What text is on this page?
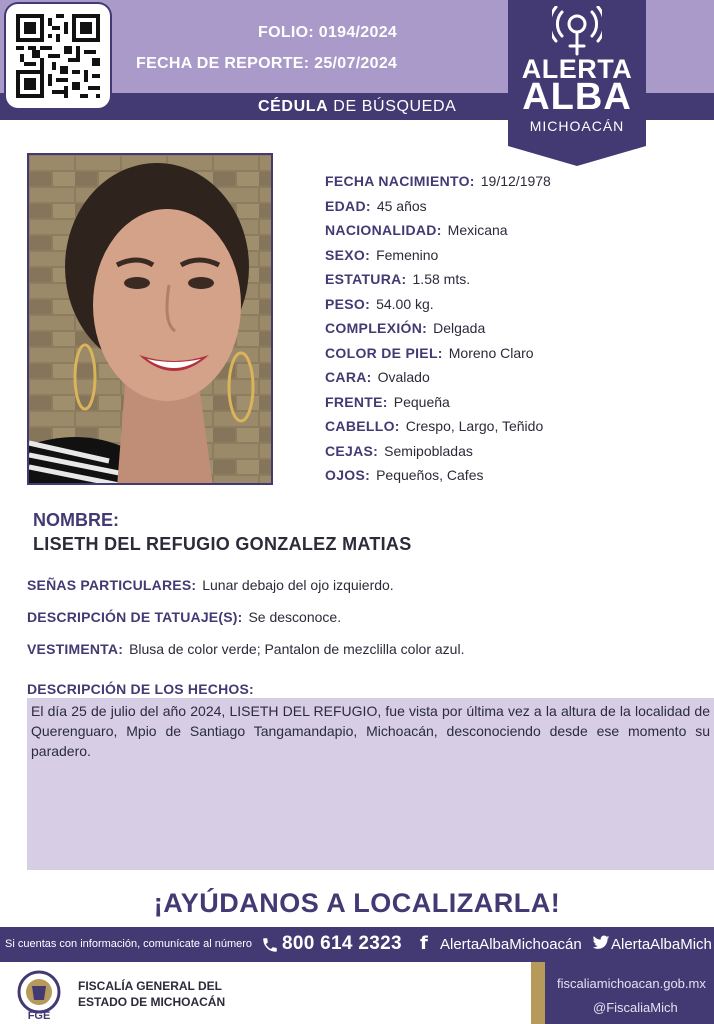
FOLIO: 0194/2024
FECHA DE REPORTE: 25/07/2024
CÉDULA DE BÚSQUEDA
ALERTA
ALBA
MICHOACÁN
FECHA NACIMIENTO: 19/12/1978
EDAD: 45 años
NACIONALIDAD: Mexicana
SEXO: Femenino
ESTATURA: 1.58 mts.
PESO: 54.00 kg.
COMPLEXIÓN: Delgada
COLOR DE PIEL: Moreno Claro
CARA: Ovalado
FRENTE: Pequeña
CABELLO: Crespo, Largo, Teñido
CEJAS: Semipobladas
OJOS: Pequeños, Cafes
NOMBRE:
LISETH DEL REFUGIO GONZALEZ MATIAS
SEÑAS PARTICULARES: Lunar debajo del ojo izquierdo.
DESCRIPCIÓN DE TATUAJE(S): Se desconoce.
VESTIMENTA: Blusa de color verde; Pantalon de mezclilla color azul.
DESCRIPCIÓN DE LOS HECHOS:
El día 25 de julio del año 2024, LISETH DEL REFUGIO, fue vista por última vez a la altura de la localidad de Querenguaro, Mpio de Santiago Tangamandapio, Michoacán, desconociendo desde ese momento su paradero.
¡AYÚDANOS A LOCALIZARLA!
Si cuentas con información, comunícate al número 800 614 2323 f AlertaAlbaMichoacán AlertaAlbaMich
FGE
FISCALÍA GENERAL DEL
ESTADO DE MICHOACÁN
fiscaliamichoacan.gob.mx
@FiscaliaMich
